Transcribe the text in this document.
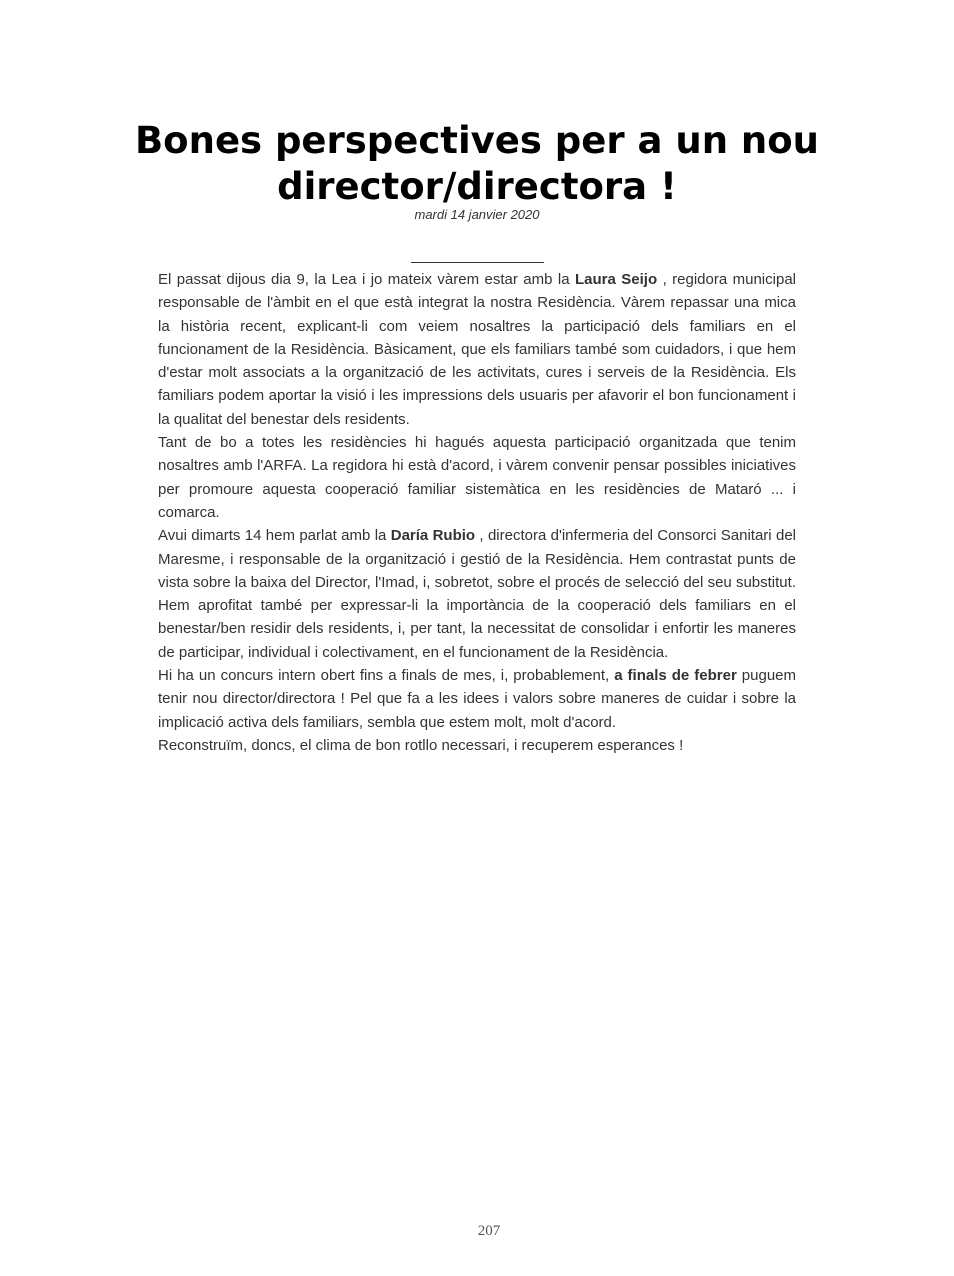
Bones perspectives per a un nou director/directora !
mardi 14 janvier 2020

El passat dijous dia 9, la Lea i jo mateix vàrem estar amb la Laura Seijo , regidora municipal responsable de l'àmbit en el que està integrat la nostra Residència. Vàrem repassar una mica la història recent, explicant-li com veiem nosaltres la participació dels familiars en el funcionament de la Residència. Bàsicament, que els familiars també som cuidadors, i que hem d'estar molt associats a la organització de les activitats, cures i serveis de la Residència. Els familiars podem aportar la visió i les impressions dels usuaris per afavorir el bon funcionament i la qualitat del benestar dels residents.

Tant de bo a totes les residències hi hagués aquesta participació organitzada que tenim nosaltres amb l'ARFA. La regidora hi està d'acord, i vàrem convenir pensar possibles iniciatives per promoure aquesta cooperació familiar sistemàtica en les residències de Mataró ... i comarca.

Avui dimarts 14 hem parlat amb la Daría Rubio , directora d'infermeria del Consorci Sanitari del Maresme, i responsable de la organització i gestió de la Residència. Hem contrastat punts de vista sobre la baixa del Director, l'Imad, i, sobretot, sobre el procés de selecció del seu substitut. Hem aprofitat també per expressar-li la importància de la cooperació dels familiars en el benestar/ben residir dels residents, i, per tant, la necessitat de consolidar i enfortir les maneres de participar, individual i colectivament, en el funcionament de la Residència.

Hi ha un concurs intern obert fins a finals de mes, i, probablement, a finals de febrer puguem tenir nou director/directora ! Pel que fa a les idees i valors sobre maneres de cuidar i sobre la implicació activa dels familiars, sembla que estem molt, molt d'acord.

Reconstruïm, doncs, el clima de bon rotllo necessari, i recuperem esperances !

207
